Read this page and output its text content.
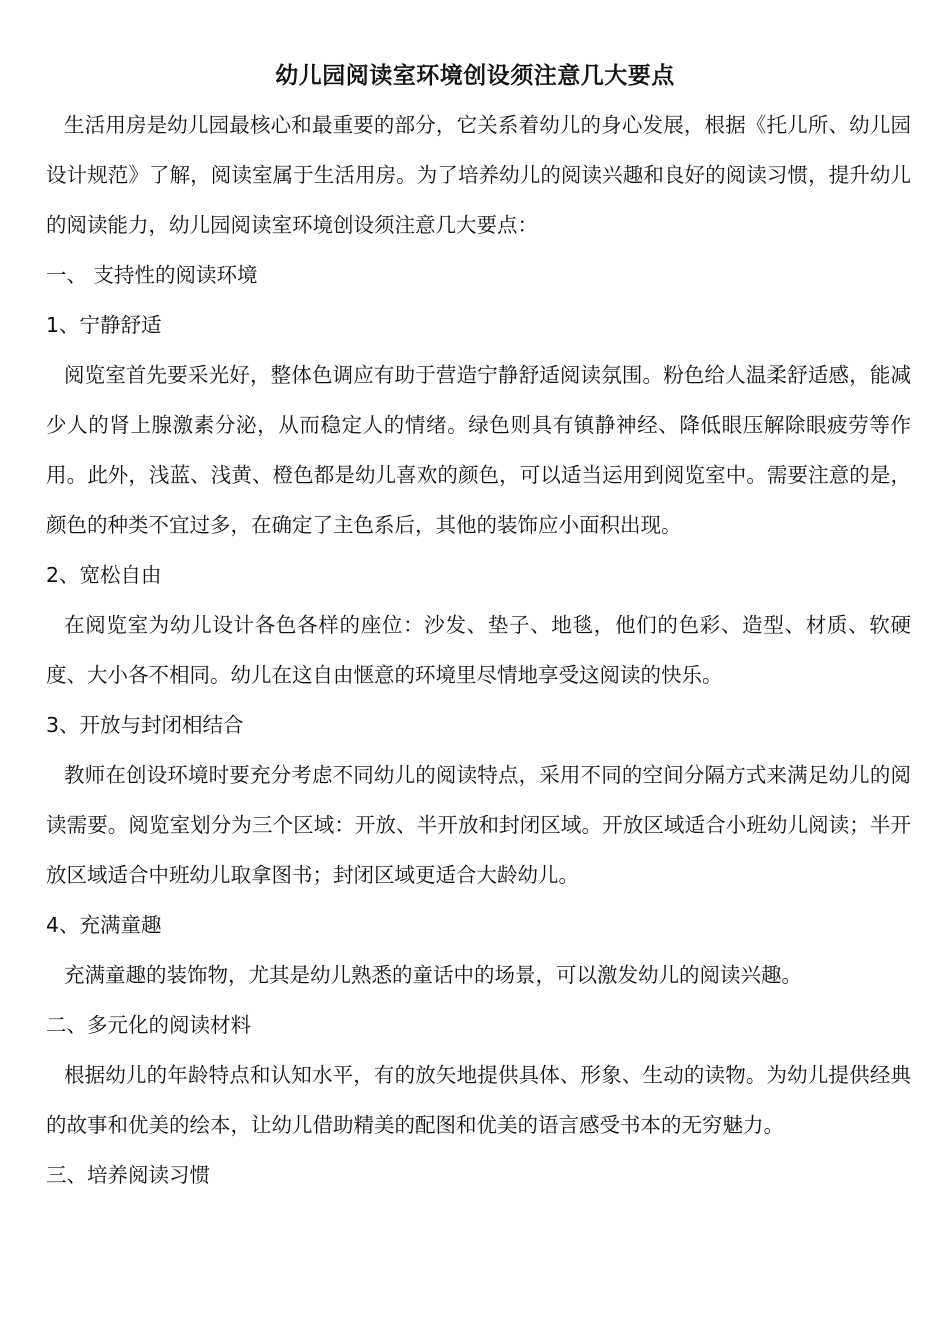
幼儿园阅读室环境创设须注意几大要点

生活用房是幼儿园最核心和最重要的部分，它关系着幼儿的身心发展，根据《托儿所、幼儿园设计规范》了解，阅读室属于生活用房。为了培养幼儿的阅读兴趣和良好的阅读习惯，提升幼儿的阅读能力，幼儿园阅读室环境创设须注意几大要点：

一、 支持性的阅读环境

1、宁静舒适

阅览室首先要采光好，整体色调应有助于营造宁静舒适阅读氛围。粉色给人温柔舒适感，能减少人的肾上腺激素分泌，从而稳定人的情绪。绿色则具有镇静神经、降低眼压解除眼疲劳等作用。此外，浅蓝、浅黄、橙色都是幼儿喜欢的颜色，可以适当运用到阅览室中。需要注意的是，颜色的种类不宜过多，在确定了主色系后，其他的装饰应小面积出现。

2、宽松自由

在阅览室为幼儿设计各色各样的座位：沙发、垫子、地毯，他们的色彩、造型、材质、软硬度、大小各不相同。幼儿在这自由惬意的环境里尽情地享受这阅读的快乐。

3、开放与封闭相结合

教师在创设环境时要充分考虑不同幼儿的阅读特点，采用不同的空间分隔方式来满足幼儿的阅读需要。阅览室划分为三个区域：开放、半开放和封闭区域。开放区域适合小班幼儿阅读；半开放区域适合中班幼儿取拿图书；封闭区域更适合大龄幼儿。

4、充满童趣

充满童趣的装饰物，尤其是幼儿熟悉的童话中的场景，可以激发幼儿的阅读兴趣。

二、多元化的阅读材料

根据幼儿的年龄特点和认知水平，有的放矢地提供具体、形象、生动的读物。为幼儿提供经典的故事和优美的绘本，让幼儿借助精美的配图和优美的语言感受书本的无穷魅力。

三、培养阅读习惯
